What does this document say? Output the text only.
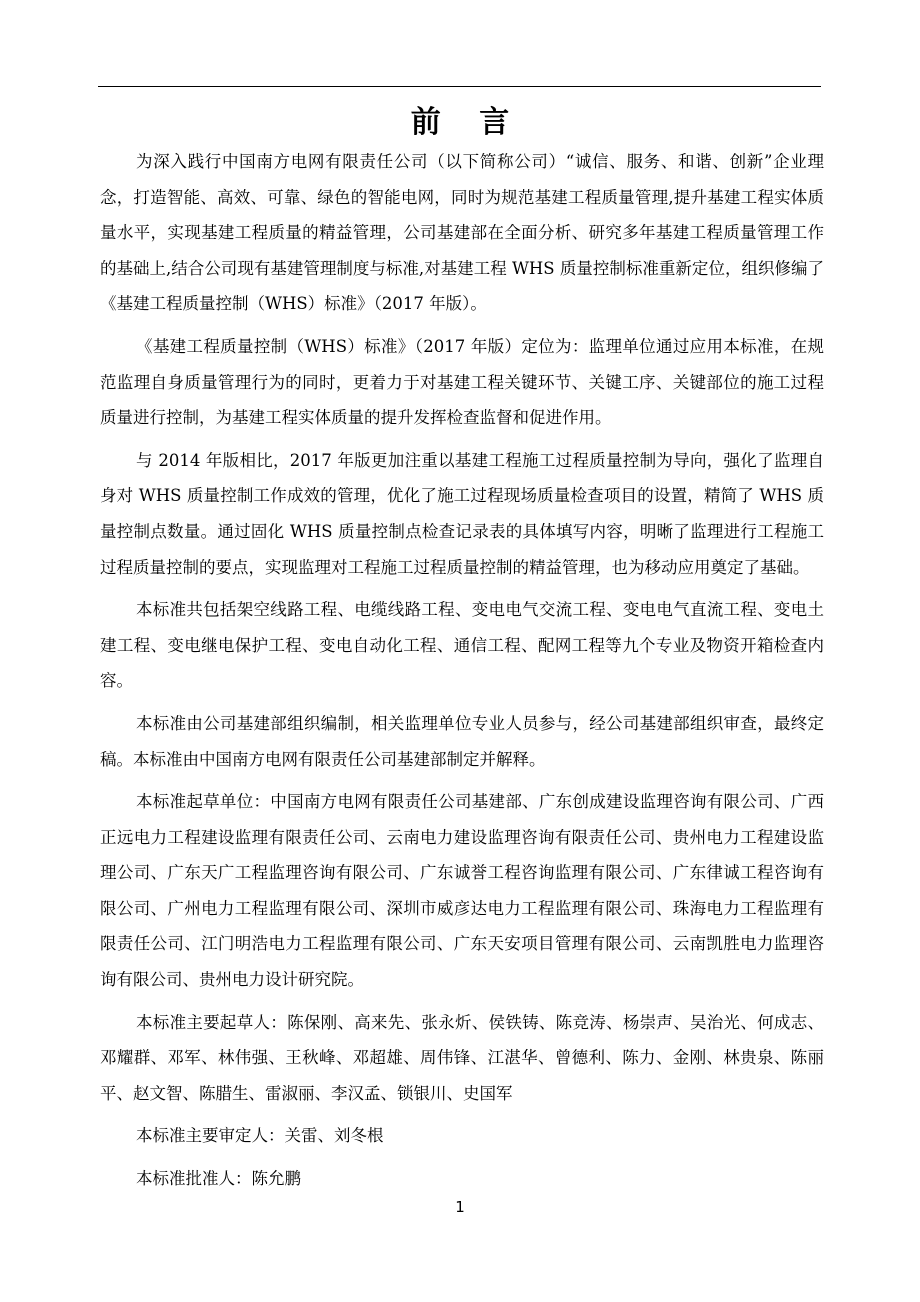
前 言

为深入践行中国南方电网有限责任公司（以下简称公司）“诚信、服务、和谐、创新”企业理念，打造智能、高效、可靠、绿色的智能电网，同时为规范基建工程质量管理,提升基建工程实体质量水平，实现基建工程质量的精益管理，公司基建部在全面分析、研究多年基建工程质量管理工作的基础上,结合公司现有基建管理制度与标准,对基建工程 WHS 质量控制标准重新定位，组织修编了《基建工程质量控制（WHS）标准》（2017 年版）。

《基建工程质量控制（WHS）标准》（2017 年版）定位为：监理单位通过应用本标准，在规范监理自身质量管理行为的同时，更着力于对基建工程关键环节、关键工序、关键部位的施工过程质量进行控制，为基建工程实体质量的提升发挥检查监督和促进作用。

与 2014 年版相比，2017 年版更加注重以基建工程施工过程质量控制为导向，强化了监理自身对 WHS 质量控制工作成效的管理，优化了施工过程现场质量检查项目的设置，精简了 WHS 质量控制点数量。通过固化 WHS 质量控制点检查记录表的具体填写内容，明晰了监理进行工程施工过程质量控制的要点，实现监理对工程施工过程质量控制的精益管理，也为移动应用奠定了基础。

本标准共包括架空线路工程、电缆线路工程、变电电气交流工程、变电电气直流工程、变电土建工程、变电继电保护工程、变电自动化工程、通信工程、配网工程等九个专业及物资开箱检查内容。

本标准由公司基建部组织编制，相关监理单位专业人员参与，经公司基建部组织审查，最终定稿。本标准由中国南方电网有限责任公司基建部制定并解释。

本标准起草单位：中国南方电网有限责任公司基建部、广东创成建设监理咨询有限公司、广西正远电力工程建设监理有限责任公司、云南电力建设监理咨询有限责任公司、贵州电力工程建设监理公司、广东天广工程监理咨询有限公司、广东诚誉工程咨询监理有限公司、广东律诚工程咨询有限公司、广州电力工程监理有限公司、深圳市威彦达电力工程监理有限公司、珠海电力工程监理有限责任公司、江门明浩电力工程监理有限公司、广东天安项目管理有限公司、云南凯胜电力监理咨询有限公司、贵州电力设计研究院。

本标准主要起草人：陈保刚、高来先、张永炘、侯铁铸、陈竞涛、杨崇声、吴治光、何成志、邓耀群、邓军、林伟强、王秋峰、邓超雄、周伟锋、江湛华、曾德利、陈力、金刚、林贵泉、陈丽平、赵文智、陈腊生、雷淑丽、李汉孟、锁银川、史国军

本标准主要审定人：关雷、刘冬根

本标准批准人：陈允鹏

1
